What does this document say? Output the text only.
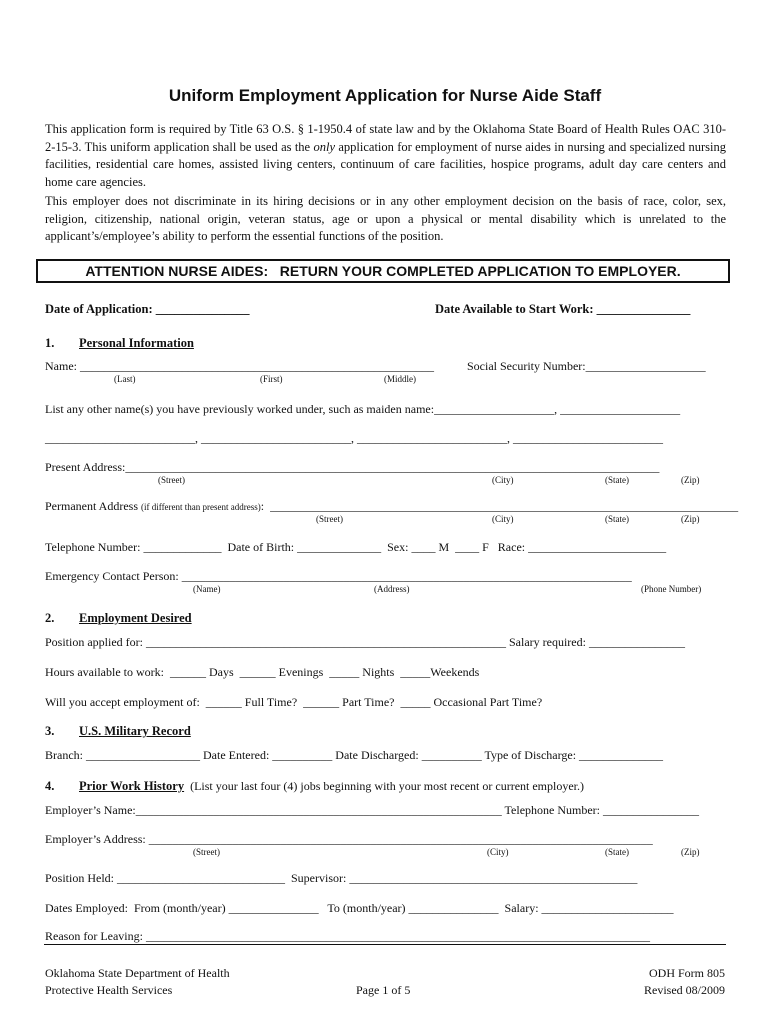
Uniform Employment Application for Nurse Aide Staff
This application form is required by Title 63 O.S. § 1-1950.4 of state law and by the Oklahoma State Board of Health Rules OAC 310-2-15-3. This uniform application shall be used as the only application for employment of nurse aides in nursing and specialized nursing facilities, residential care homes, assisted living centers, continuum of care facilities, hospice programs, adult day care centers and home care agencies.
This employer does not discriminate in its hiring decisions or in any other employment decision on the basis of race, color, sex, religion, citizenship, national origin, veteran status, age or upon a physical or mental disability which is unrelated to the applicant’s/employee’s ability to perform the essential functions of the position.
ATTENTION NURSE AIDES:   RETURN YOUR COMPLETED APPLICATION TO EMPLOYER.
Date of Application: _______________	Date Available to Start Work: _______________
1. Personal Information
Name: ___________________________________________________________	Social Security Number:____________________
(Last)	(First)	(Middle)
List any other name(s) you have previously worked under, such as maiden name:____________________, ____________________
_________________________, _________________________, _________________________, _________________________
Present Address:_________________________________________________________________________________________
(Street)	(City)	(State)	(Zip)
Permanent Address (if different than present address):  ______________________________________________________________________________
(Street)	(City)	(State)	(Zip)
Telephone Number: _____________  Date of Birth: ______________  Sex: ____ M  ____ F   Race: _______________________
Emergency Contact Person: ___________________________________________________________________________
(Name)	(Address)	(Phone Number)
2. Employment Desired
Position applied for: ____________________________________________________________ Salary required: ________________
Hours available to work:  ______ Days  ______ Evenings  _____ Nights  _____Weekends
Will you accept employment of:  ______ Full Time?  ______ Part Time?  _____ Occasional Part Time?
3. U.S. Military Record
Branch: ___________________ Date Entered: __________ Date Discharged: __________ Type of Discharge: ______________
4. Prior Work History  (List your last four (4) jobs beginning with your most recent or current employer.)
Employer’s Name:_____________________________________________________________ Telephone Number: ________________
Employer’s Address: ____________________________________________________________________________________
(Street)	(City)	(State)	(Zip)
Position Held: ____________________________  Supervisor: ________________________________________________
Dates Employed:  From (month/year) _______________   To (month/year) _______________  Salary: ______________________
Reason for Leaving: ____________________________________________________________________________________
Oklahoma State Department of Health
Protective Health Services	Page 1 of 5
ODH Form 805
Revised 08/2009
